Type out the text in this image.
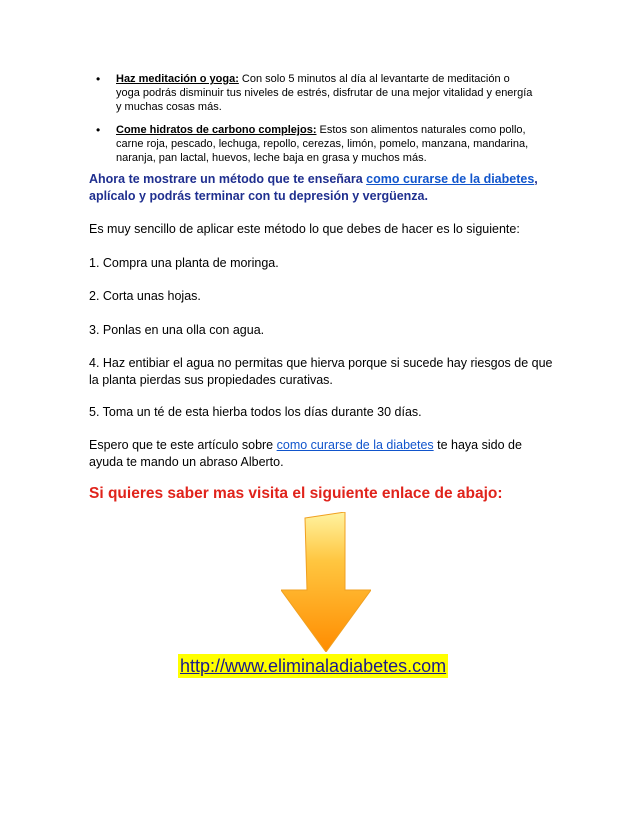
• Haz meditación o yoga: Con solo 5 minutos al día al levantarte de meditación o yoga podrás disminuir tus niveles de estrés, disfrutar de una mejor vitalidad y energía y muchas cosas más.
• Come hidratos de carbono complejos: Estos son alimentos naturales como pollo, carne roja, pescado, lechuga, repollo, cerezas, limón, pomelo, manzana, mandarina, naranja, pan lactal, huevos, leche baja en grasa y muchos más.

Ahora te mostrare un método que te enseñara como curarse de la diabetes, aplícalo y podrás terminar con tu depresión y vergüenza.

Es muy sencillo de aplicar este método lo que debes de hacer es lo siguiente:

1. Compra una planta de moringa.

2. Corta unas hojas.

3. Ponlas en una olla con agua.

4. Haz entibiar el agua no permitas que hierva porque si sucede hay riesgos de que la planta pierdas sus propiedades curativas.

5. Toma un té de esta hierba todos los días durante 30 días.

Espero que te este artículo sobre como curarse de la diabetes te haya sido de ayuda te mando un abraso Alberto.

Si quieres saber mas visita el siguiente enlace de abajo:

http://www.eliminaladiabetes.com
